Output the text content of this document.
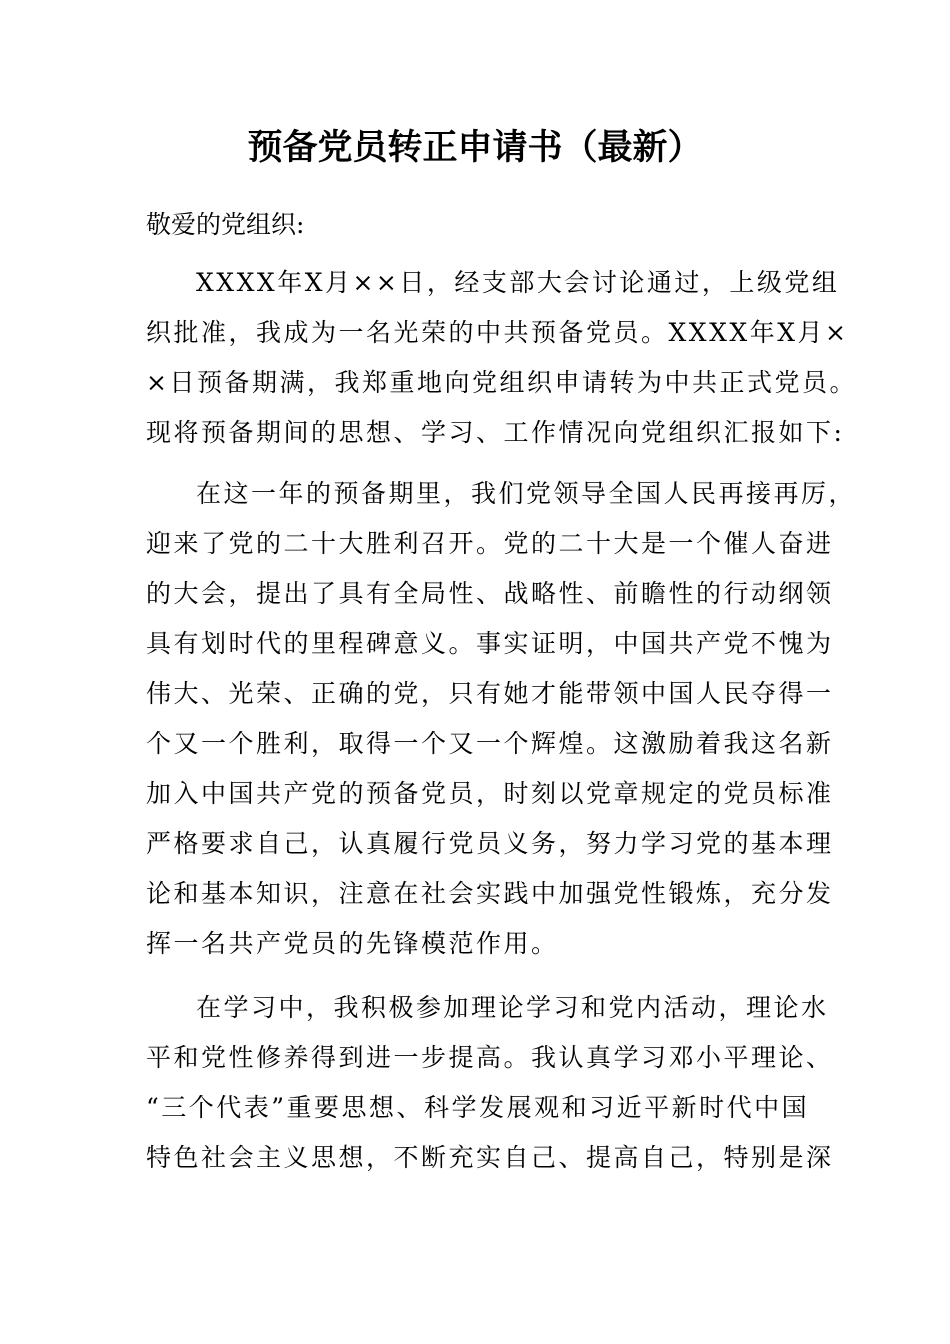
预备党员转正申请书（最新）

敬爱的党组织:

XXXX年X月××日，经支部大会讨论通过，上级党组
织批准，我成为一名光荣的中共预备党员。XXXX年X月×
×日预备期满，我郑重地向党组织申请转为中共正式党员。
现将预备期间的思想、学习、工作情况向党组织汇报如下:
在这一年的预备期里，我们党领导全国人民再接再厉，
迎来了党的二十大胜利召开。党的二十大是一个催人奋进
的大会，提出了具有全局性、战略性、前瞻性的行动纲领
具有划时代的里程碑意义。事实证明，中国共产党不愧为
伟大、光荣、正确的党，只有她才能带领中国人民夺得一
个又一个胜利，取得一个又一个辉煌。这激励着我这名新
加入中国共产党的预备党员，时刻以党章规定的党员标准
严格要求自己，认真履行党员义务，努力学习党的基本理
论和基本知识，注意在社会实践中加强党性锻炼，充分发
挥一名共产党员的先锋模范作用。
在学习中，我积极参加理论学习和党内活动，理论水
平和党性修养得到进一步提高。我认真学习邓小平理论、
“三个代表”重要思想、科学发展观和习近平新时代中国
特色社会主义思想，不断充实自己、提高自己，特别是深
